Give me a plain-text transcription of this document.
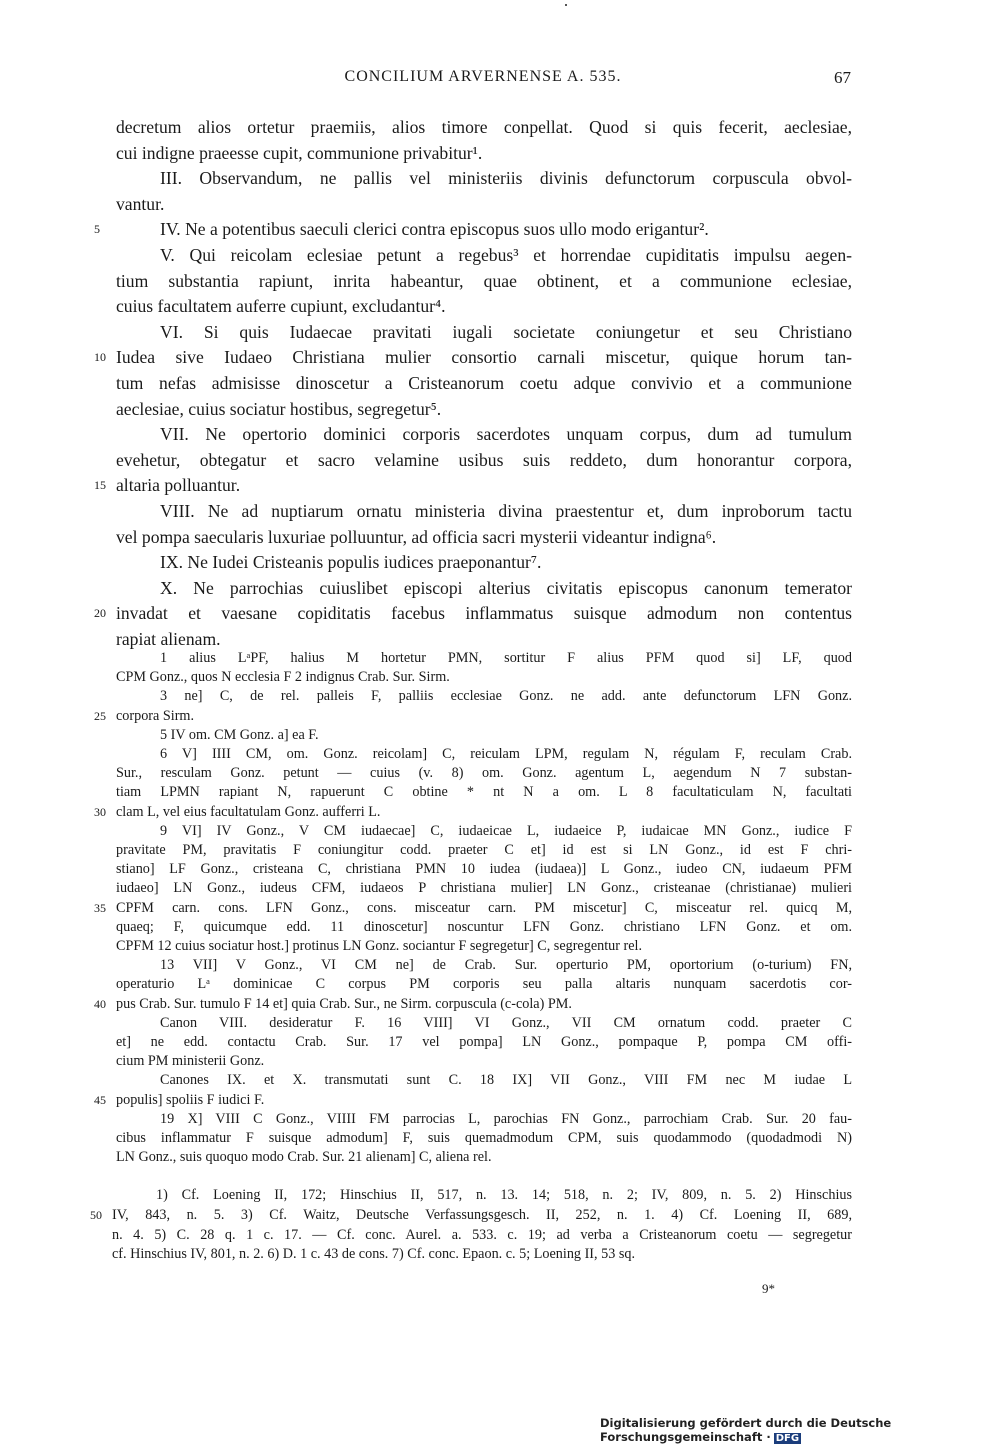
CONCILIUM ARVERNENSE A. 535.	67
decretum alios ortetur praemiis, alios timore conpellat. Quod si quis fecerit, aeclesiae,
cui indigne praeesse cupit, communione privabitur¹.
III. Observandum, ne pallis vel ministeriis divinis defunctorum corpuscula obvol-
vantur.
5	IV. Ne a potentibus saeculi clerici contra episcopus suos ullo modo erigantur².
V. Qui reicolam eclesiae petunt a regebus³ et horrendae cupiditatis impulsu aegen-
tium substantia rapiunt, inrita habeantur, quae obtinent, et a communione eclesiae,
cuius facultatem auferre cupiunt, excludantur⁴.
VI. Si quis Iudaecae pravitati iugali societate coniungetur et seu Christiano
10 Iudea sive Iudaeo Christiana mulier consortio carnali miscetur, quique horum tan-
tum nefas admisisse dinoscetur a Cristeanorum coetu adque convivio et a communione
aeclesiae, cuius sociatur hostibus, segregetur⁵.
VII. Ne opertorio dominici corporis sacerdotes unquam corpus, dum ad tumulum
evehetur, obtegatur et sacro velamine usibus suis reddeto, dum honorantur corpora,
15 altaria polluantur.
VIII. Ne ad nuptiarum ornatu ministeria divina praestentur et, dum inproborum tactu
vel pompa saecularis luxuriae polluuntur, ad officia sacri mysterii videantur indigna⁶.
IX. Ne Iudei Cristeanis populis iudices praeponantur⁷.
X. Ne parrochias cuiuslibet episcopi alterius civitatis episcopus canonum temerator
20 invadat et vaesane copiditatis facebus inflammatus suisque admodum non contentus
rapiat alienam.
1 alius LᵃPF, halius M hortetur PMN, sortitur F alius PFM quod si] LF, quod
CPM Gonz., quos N ecclesia F 2 indignus Crab. Sur. Sirm.
3 ne] C, de rel. palleis F, palliis ecclesiae Gonz. ne add. ante defunctorum LFN Gonz.
25 corpora Sirm.
5 IV om. CM Gonz. a] ea F.
6 V] IIII CM, om. Gonz. reicolam] C, reiculam LPM, regulam N, régulam F, reculam Crab.
Sur., resculam Gonz. petunt — cuius (v. 8) om. Gonz. agentum L, aegendum N 7 substan-
tiam LPMN rapiant N, rapuerunt C obtine * nt N a om. L 8 facultaticulam N, facultati
30 clam L, vel eius facultatulam Gonz. aufferri L.
9 VI] IV Gonz., V CM iudaecae] C, iudaeicae L, iudaeice P, iudaicae MN Gonz., iudice F
pravitate PM, pravitatis F coniungitur codd. praeter C et] id est si LN Gonz., id est F chri-
stiano] LF Gonz., cristeana C, christiana PMN 10 iudea (iudaea)] L Gonz., iudeo CN, iudaeum PFM
iudaeo] LN Gonz., iudeus CFM, iudaeos P christiana mulier] LN Gonz., cristeanae (christianae) mulieri
35 CPFM carn. cons. LFN Gonz., cons. misceatur carn. PM miscetur] C, misceatur rel. quicq M,
quaeq; F, quicumque edd. 11 dinoscetur] noscuntur LFN Gonz. christiano LFN Gonz. et om.
CPFM 12 cuius sociatur host.] protinus LN Gonz. sociantur F segregetur] C, segregentur rel.
13 VII] V Gonz., VI CM ne] de Crab. Sur. operturio PM, oportorium (o-turium) FN,
operaturio Lᵃ dominicae C corpus PM corporis seu palla altaris nunquam sacerdotis cor-
40 pus Crab. Sur. tumulo F 14 et] quia Crab. Sur., ne Sirm. corpuscula (c-cola) PM.
Canon VIII. desideratur F. 16 VIII] VI Gonz., VII CM ornatum codd. praeter C
et] ne edd. contactu Crab. Sur. 17 vel pompa] LN Gonz., pompaque P, pompa CM offi-
cium PM ministerii Gonz.
Canones IX. et X. transmutati sunt C. 18 IX] VII Gonz., VIII FM nec M iudae L
45 populis] spoliis F iudici F.
19 X] VIII C Gonz., VIIII FM parrocias L, parochias FN Gonz., parrochiam Crab. Sur. 20 fau-
cibus inflammatur F suisque admodum] F, suis quemadmodum CPM, suis quodammodo (quodadmodi N)
LN Gonz., suis quoquo modo Crab. Sur. 21 alienam] C, aliena rel.
1) Cf. Loening II, 172; Hinschius II, 517, n. 13. 14; 518, n. 2; IV, 809, n. 5. 2) Hinschius
50 IV, 843, n. 5. 3) Cf. Waitz, Deutsche Verfassungsgesch. II, 252, n. 1. 4) Cf. Loening II, 689,
n. 4. 5) C. 28 q. 1 c. 17. — Cf. conc. Aurel. a. 533. c. 19; ad verba a Cristeanorum coetu — segregetur
cf. Hinschius IV, 801, n. 2. 6) D. 1 c. 43 de cons. 7) Cf. conc. Epaon. c. 5; Loening II, 53 sq.
9*
Digitalisierung gefördert durch die Deutsche Forschungsgemeinschaft · DFG
